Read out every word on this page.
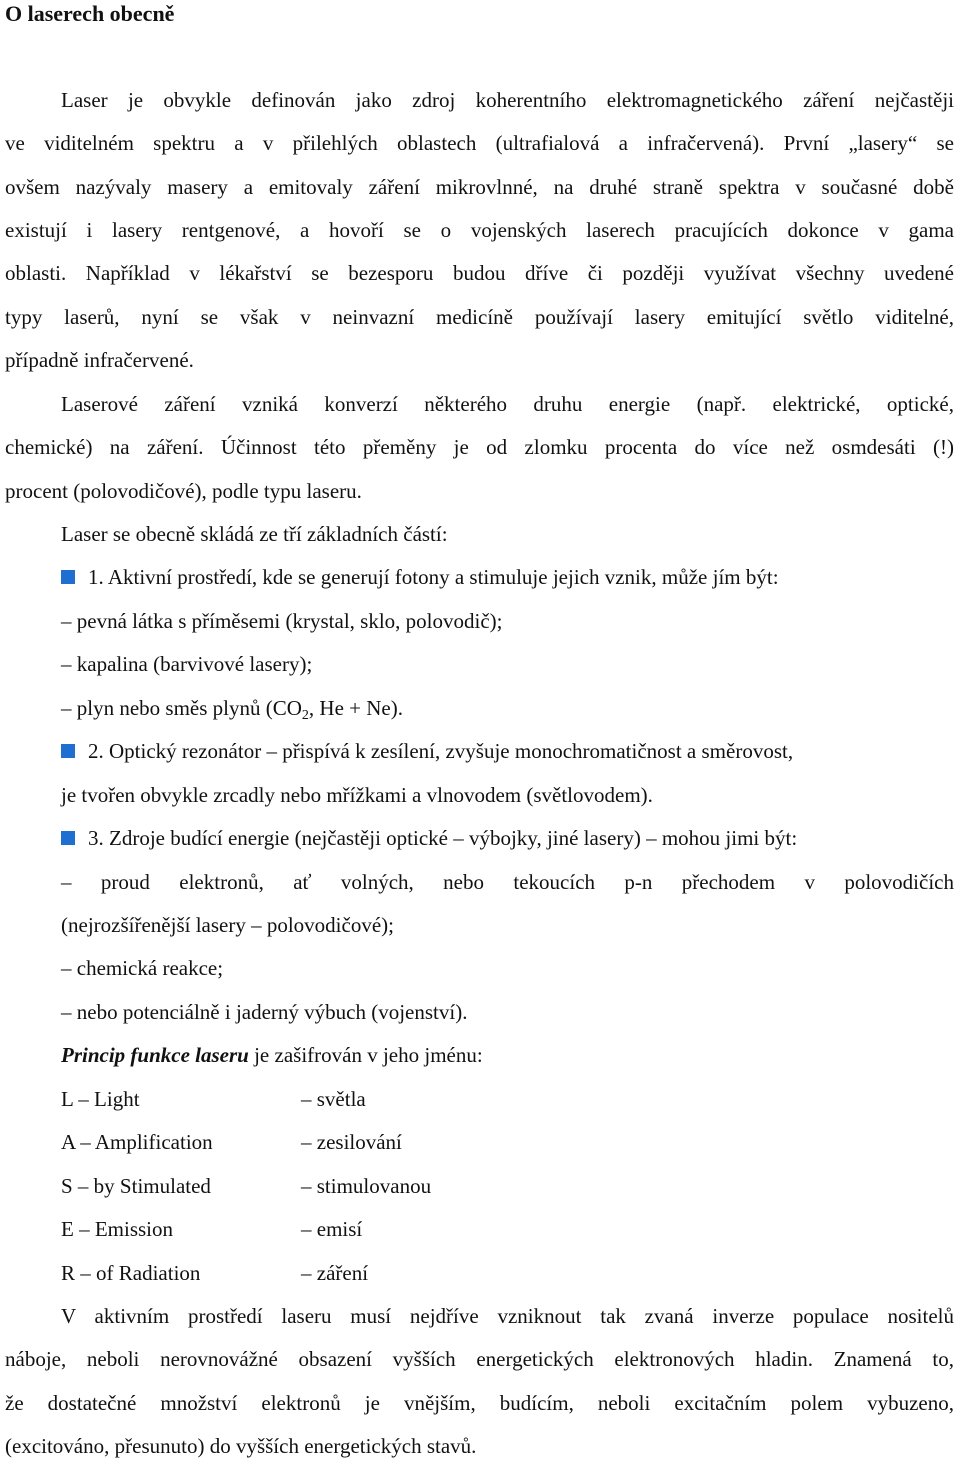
O laserech obecně
Laser je obvykle definován jako zdroj koherentního elektromagnetického záření nejčastěji
ve viditelném spektru a v přilehlých oblastech (ultrafialová a infračervená). První „lasery“ se
ovšem nazývaly masery a emitovaly záření mikrovlnné, na druhé straně spektra v současné době
existují i lasery rentgenové, a hovoří se o vojenských laserech pracujících dokonce v gama
oblasti. Například v lékařství se bezesporu budou dříve či později využívat všechny uvedené
typy laserů, nyní se však v neinvazní medicíně používají lasery emitující světlo viditelné,
případně infračervené.
Laserové záření vzniká konverzí některého druhu energie (např. elektrické, optické,
chemické) na záření. Účinnost této přeměny je od zlomku procenta do více než osmdesáti (!)
procent (polovodičové), podle typu laseru.
Laser se obecně skládá ze tří základních částí:
1. Aktivní prostředí, kde se generují fotony a stimuluje jejich vznik, může jím být:
– pevná látka s příměsemi (krystal, sklo, polovodič);
– kapalina (barvivové lasery);
– plyn nebo směs plynů ($CO_2$, He + Ne).
2. Optický rezonátor – přispívá k zesílení, zvyšuje monochromatičnost a směrovost,
je tvořen obvykle zrcadly nebo mřížkami a vlnovodem (světlovodem).
3. Zdroje budící energie (nejčastěji optické – výbojky, jiné lasery) – mohou jimi být:
– proud elektronů, ať volných, nebo tekoucích p-n přechodem v polovodičích
(nejrozšířenější lasery – polovodičové);
– chemická reakce;
– nebo potenciálně i jaderný výbuch (vojenství).
Princip funkce laseru je zašifrován v jeho jménu:
L – Light	– světla
A – Amplification	– zesilování
S – by Stimulated	– stimulovanou
E – Emission	– emisí
R – of Radiation	– záření
V aktivním prostředí laseru musí nejdříve vzniknout tak zvaná inverze populace nositelů
náboje, neboli nerovnovážné obsazení vyšších energetických elektronových hladin. Znamená to,
že dostatečné množství elektronů je vnějším, budícím, neboli excitačním polem vybuzeno,
(excitováno, přesunuto) do vyšších energetických stavů.
